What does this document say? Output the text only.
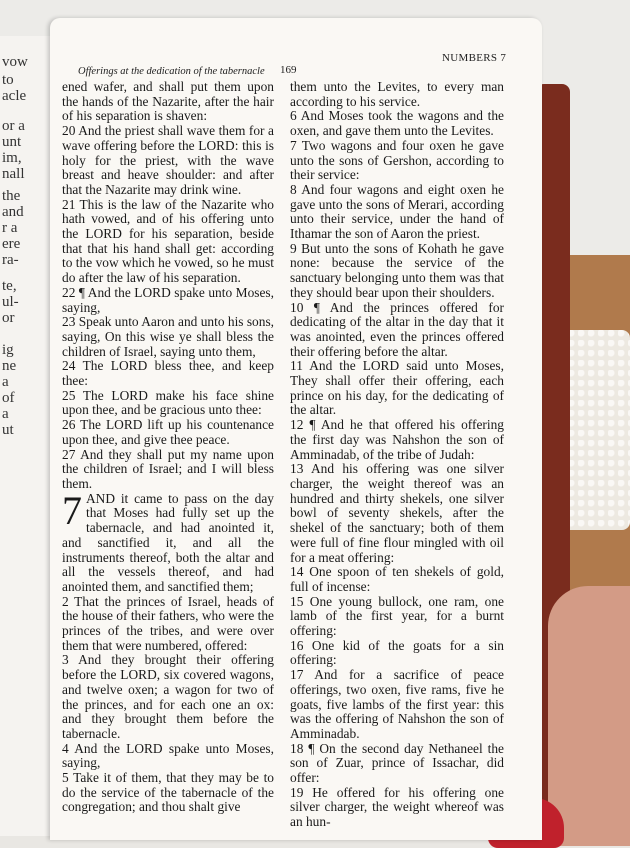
vow
to
acle
or a
unt
im,
nall
the
and
r a
ere
ra-
te,
ul-
or
ig
ne
a
of
a
ut
Offerings at the dedication of the tabernacle 169
NUMBERS 7

ened wafer, and shall put them upon the hands of the Nazarite, after the hair of his separation is shaven:

20 And the priest shall wave them for a wave offering before the LORD: this is holy for the priest, with the wave breast and heave shoulder: and after that the Nazarite may drink wine.

21 This is the law of the Nazarite who hath vowed, and of his offering unto the LORD for his separation, beside that that his hand shall get: according to the vow which he vowed, so he must do after the law of his separation.

22 ¶ And the LORD spake unto Moses, saying,

23 Speak unto Aaron and unto his sons, saying, On this wise ye shall bless the children of Israel, saying unto them,

24 The LORD bless thee, and keep thee:

25 The LORD make his face shine upon thee, and be gracious unto thee:

26 The LORD lift up his countenance upon thee, and give thee peace.

27 And they shall put my name upon the children of Israel; and I will bless them.

7 AND it came to pass on the day that Moses had fully set up the tabernacle, and had anointed it, and sanctified it, and all the instruments thereof, both the altar and all the vessels thereof, and had anointed them, and sanctified them;

2 That the princes of Israel, heads of the house of their fathers, who were the princes of the tribes, and were over them that were numbered, offered:

3 And they brought their offering before the LORD, six covered wagons, and twelve oxen; a wagon for two of the princes, and for each one an ox: and they brought them before the tabernacle.

4 And the LORD spake unto Moses, saying,

5 Take it of them, that they may be to do the service of the tabernacle of the congregation; and thou shalt give

them unto the Levites, to every man according to his service.

6 And Moses took the wagons and the oxen, and gave them unto the Levites.

7 Two wagons and four oxen he gave unto the sons of Gershon, according to their service:

8 And four wagons and eight oxen he gave unto the sons of Merari, according unto their service, under the hand of Ithamar the son of Aaron the priest.

9 But unto the sons of Kohath he gave none: because the service of the sanctuary belonging unto them was that they should bear upon their shoulders.

10 ¶ And the princes offered for dedicating of the altar in the day that it was anointed, even the princes offered their offering before the altar.

11 And the LORD said unto Moses, They shall offer their offering, each prince on his day, for the dedicating of the altar.

12 ¶ And he that offered his offering the first day was Nahshon the son of Amminadab, of the tribe of Judah:

13 And his offering was one silver charger, the weight thereof was an hundred and thirty shekels, one silver bowl of seventy shekels, after the shekel of the sanctuary; both of them were full of fine flour mingled with oil for a meat offering:

14 One spoon of ten shekels of gold, full of incense:

15 One young bullock, one ram, one lamb of the first year, for a burnt offering:

16 One kid of the goats for a sin offering:

17 And for a sacrifice of peace offerings, two oxen, five rams, five he goats, five lambs of the first year: this was the offering of Nahshon the son of Amminadab.

18 ¶ On the second day Nethaneel the son of Zuar, prince of Issachar, did offer:

19 He offered for his offering one silver charger, the weight whereof was an hun-
